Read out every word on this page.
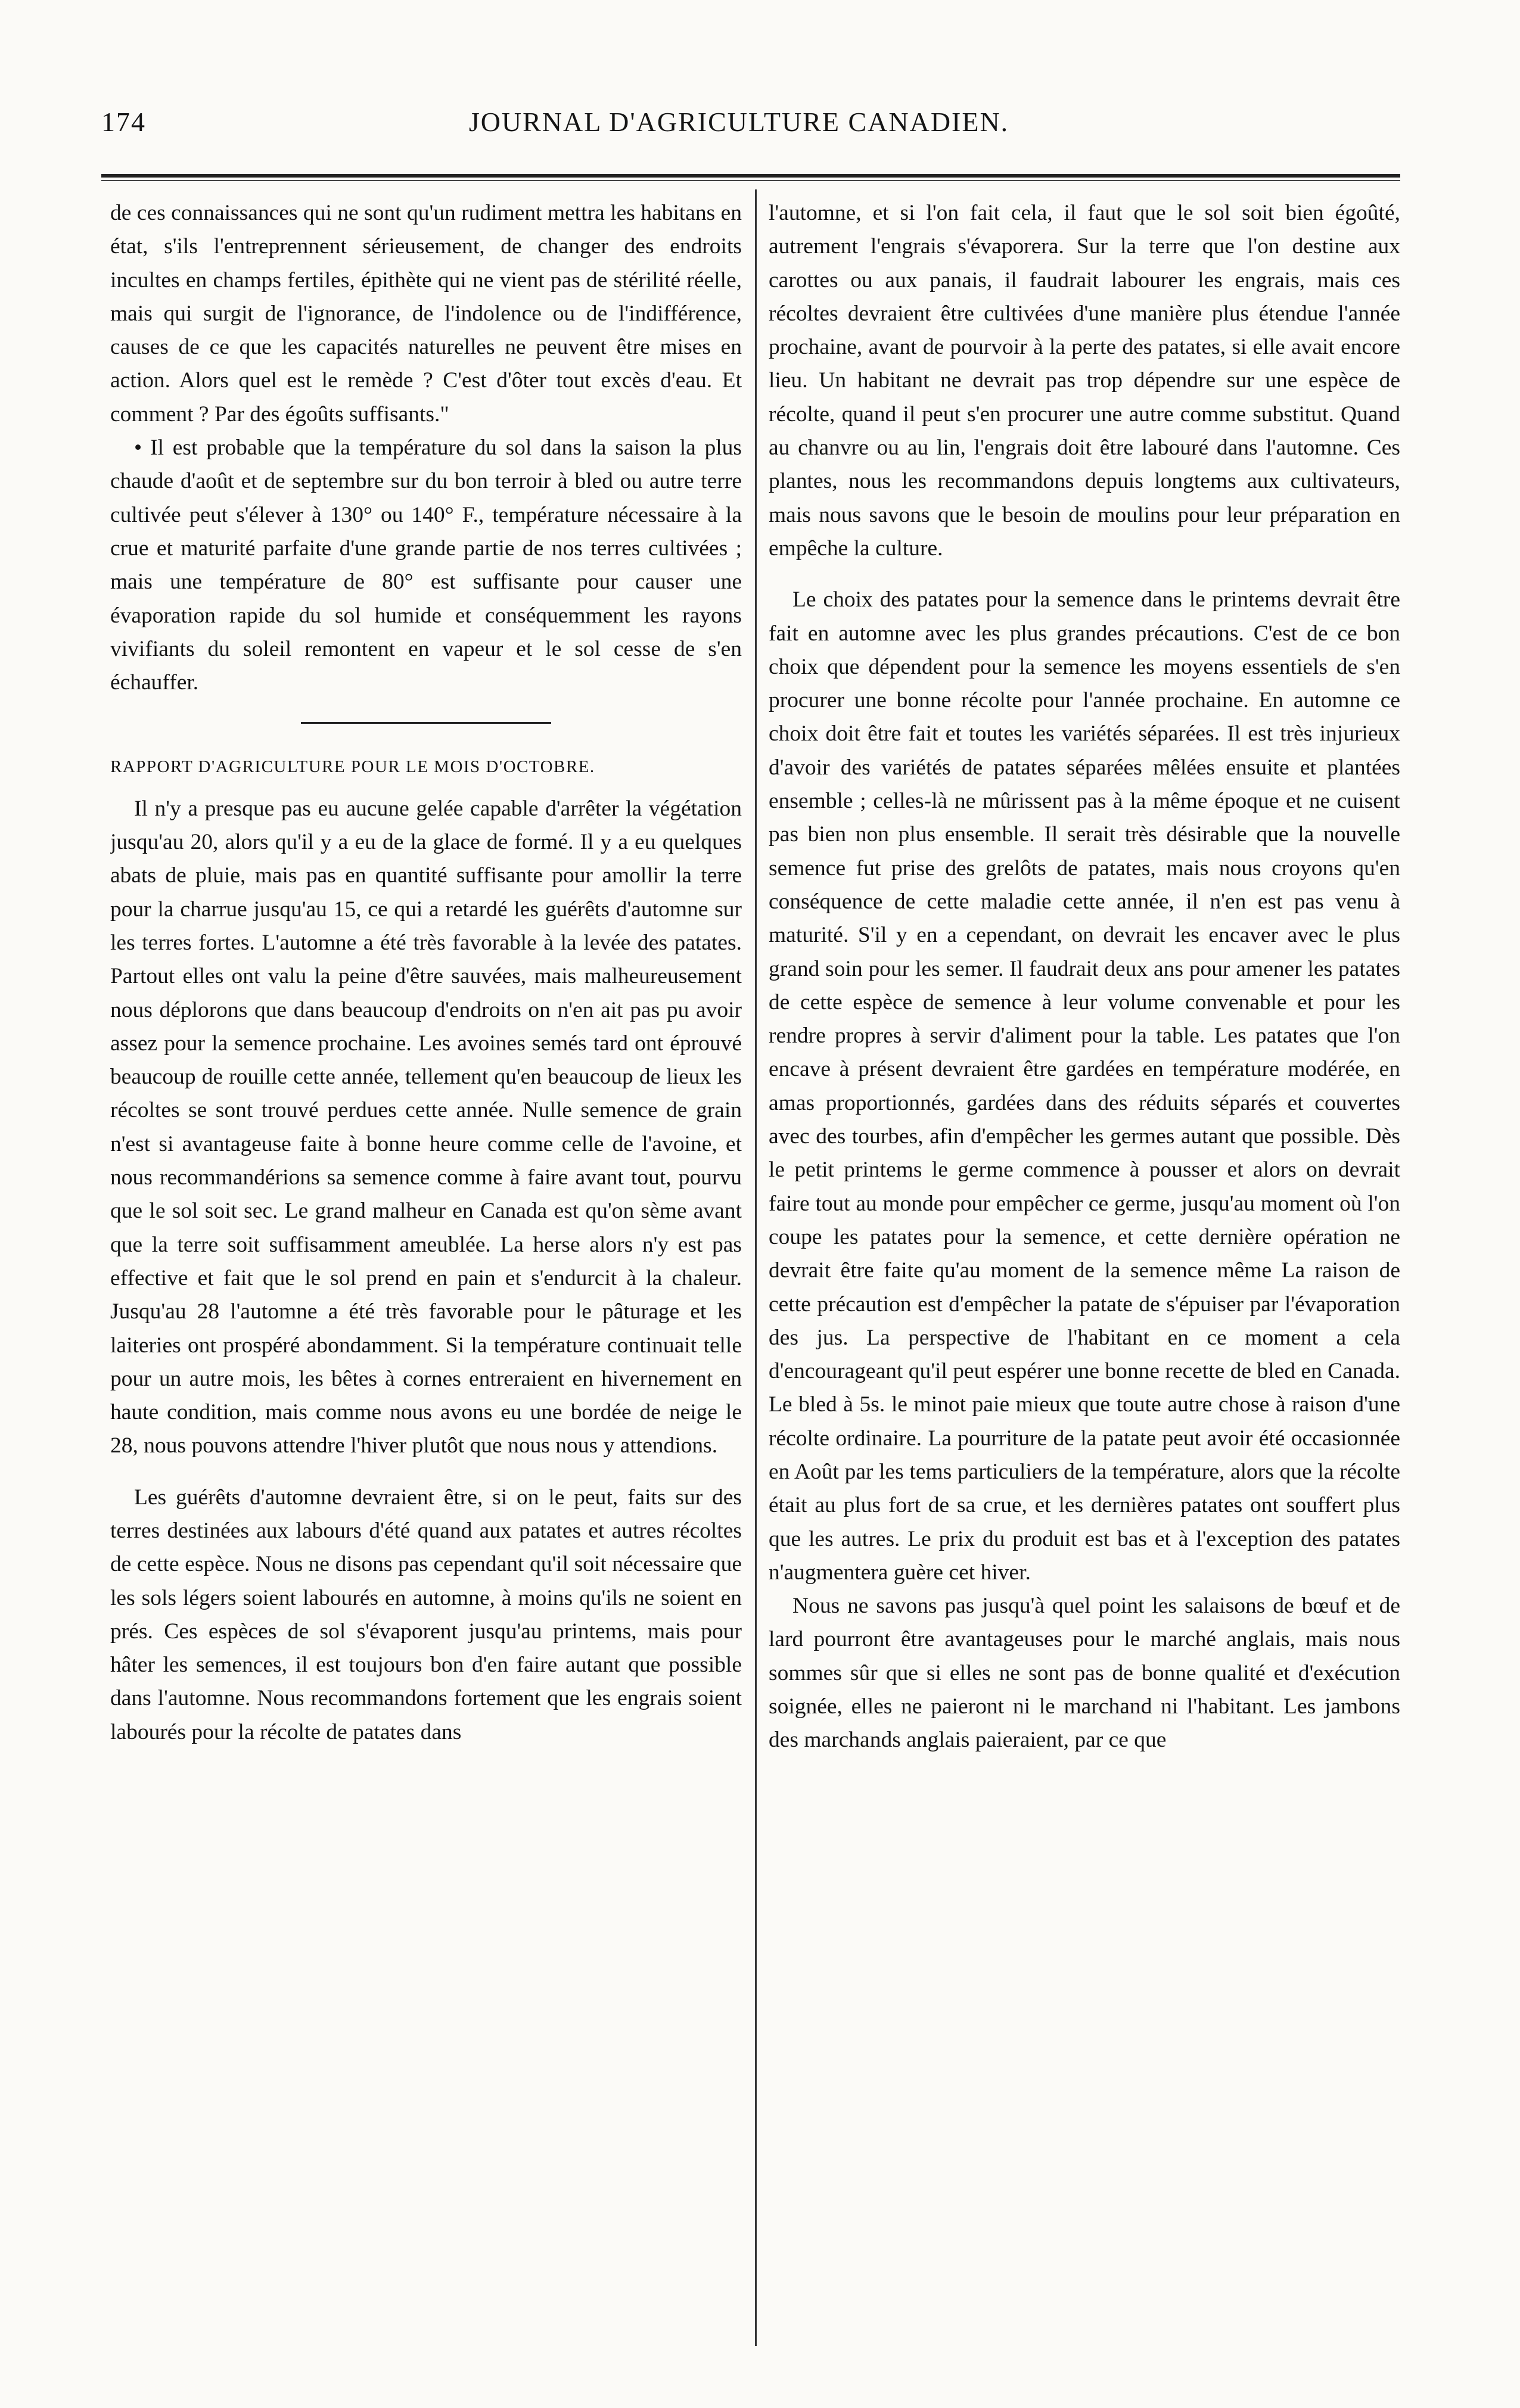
174	JOURNAL D'AGRICULTURE CANADIEN.

de ces connaissances qui ne sont qu'un rudiment mettra les habitans en état, s'ils l'entreprennent sérieusement, de changer des endroits incultes en champs fertiles, épithète qui ne vient pas de stérilité réelle, mais qui surgit de l'ignorance, de l'indolence ou de l'indifférence, causes de ce que les capacités naturelles ne peuvent être mises en action. Alors quel est le remède ? C'est d'ôter tout excès d'eau. Et comment ? Par des égoûts suffisants."

• Il est probable que la température du sol dans la saison la plus chaude d'août et de septembre sur du bon terroir à bled ou autre terre cultivée peut s'élever à 130° ou 140° F., température nécessaire à la crue et maturité parfaite d'une grande partie de nos terres cultivées ; mais une température de 80° est suffisante pour causer une évaporation rapide du sol humide et conséquemment les rayons vivifiants du soleil remontent en vapeur et le sol cesse de s'en échauffer.

RAPPORT D'AGRICULTURE POUR LE MOIS D'OCTOBRE.

Il n'y a presque pas eu aucune gelée capable d'arrêter la végétation jusqu'au 20, alors qu'il y a eu de la glace de formé. Il y a eu quelques abats de pluie, mais pas en quantité suffisante pour amollir la terre pour la charrue jusqu'au 15, ce qui a retardé les guérêts d'automne sur les terres fortes. L'automne a été très favorable à la levée des patates. Partout elles ont valu la peine d'être sauvées, mais malheureusement nous déplorons que dans beaucoup d'endroits on n'en ait pas pu avoir assez pour la semence prochaine. Les avoines semés tard ont éprouvé beaucoup de rouille cette année, tellement qu'en beaucoup de lieux les récoltes se sont trouvé perdues cette année. Nulle semence de grain n'est si avantageuse faite à bonne heure comme celle de l'avoine, et nous recommandérions sa semence comme à faire avant tout, pourvu que le sol soit sec. Le grand malheur en Canada est qu'on sème avant que la terre soit suffisamment ameublée. La herse alors n'y est pas effective et fait que le sol prend en pain et s'endurcit à la chaleur. Jusqu'au 28 l'automne a été très favorable pour le pâturage et les laiteries ont prospéré abondamment. Si la température continuait telle pour un autre mois, les bêtes à cornes entreraient en hivernement en haute condition, mais comme nous avons eu une bordée de neige le 28, nous pouvons attendre l'hiver plutôt que nous nous y attendions.

Les guérêts d'automne devraient être, si on le peut, faits sur des terres destinées aux labours d'été quand aux patates et autres récoltes de cette espèce. Nous ne disons pas cependant qu'il soit nécessaire que les sols légers soient labourés en automne, à moins qu'ils ne soient en prés. Ces espèces de sol s'évaporent jusqu'au printems, mais pour hâter les semences, il est toujours bon d'en faire autant que possible dans l'automne. Nous recommandons fortement que les engrais soient labourés pour la récolte de patates dans

l'automne, et si l'on fait cela, il faut que le sol soit bien égoûté, autrement l'engrais s'évaporera. Sur la terre que l'on destine aux carottes ou aux panais, il faudrait labourer les engrais, mais ces récoltes devraient être cultivées d'une manière plus étendue l'année prochaine, avant de pourvoir à la perte des patates, si elle avait encore lieu. Un habitant ne devrait pas trop dépendre sur une espèce de récolte, quand il peut s'en procurer une autre comme substitut. Quand au chanvre ou au lin, l'engrais doit être labouré dans l'automne. Ces plantes, nous les recommandons depuis longtems aux cultivateurs, mais nous savons que le besoin de moulins pour leur préparation en empêche la culture.

Le choix des patates pour la semence dans le printems devrait être fait en automne avec les plus grandes précautions. C'est de ce bon choix que dépendent pour la semence les moyens essentiels de s'en procurer une bonne récolte pour l'année prochaine. En automne ce choix doit être fait et toutes les variétés séparées. Il est très injurieux d'avoir des variétés de patates séparées mêlées ensuite et plantées ensemble ; celles-là ne mûrissent pas à la même époque et ne cuisent pas bien non plus ensemble. Il serait très désirable que la nouvelle semence fut prise des grelôts de patates, mais nous croyons qu'en conséquence de cette maladie cette année, il n'en est pas venu à maturité. S'il y en a cependant, on devrait les encaver avec le plus grand soin pour les semer. Il faudrait deux ans pour amener les patates de cette espèce de semence à leur volume convenable et pour les rendre propres à servir d'aliment pour la table. Les patates que l'on encave à présent devraient être gardées en température modérée, en amas proportionnés, gardées dans des réduits séparés et couvertes avec des tourbes, afin d'empêcher les germes autant que possible. Dès le petit printems le germe commence à pousser et alors on devrait faire tout au monde pour empêcher ce germe, jusqu'au moment où l'on coupe les patates pour la semence, et cette dernière opération ne devrait être faite qu'au moment de la semence même La raison de cette précaution est d'empêcher la patate de s'épuiser par l'évaporation des jus. La perspective de l'habitant en ce moment a cela d'encourageant qu'il peut espérer une bonne recette de bled en Canada. Le bled à 5s. le minot paie mieux que toute autre chose à raison d'une récolte ordinaire. La pourriture de la patate peut avoir été occasionnée en Août par les tems particuliers de la température, alors que la récolte était au plus fort de sa crue, et les dernières patates ont souffert plus que les autres. Le prix du produit est bas et à l'exception des patates n'augmentera guère cet hiver.

Nous ne savons pas jusqu'à quel point les salaisons de bœuf et de lard pourront être avantageuses pour le marché anglais, mais nous sommes sûr que si elles ne sont pas de bonne qualité et d'exécution soignée, elles ne paieront ni le marchand ni l'habitant. Les jambons des marchands anglais paieraient, par ce que
